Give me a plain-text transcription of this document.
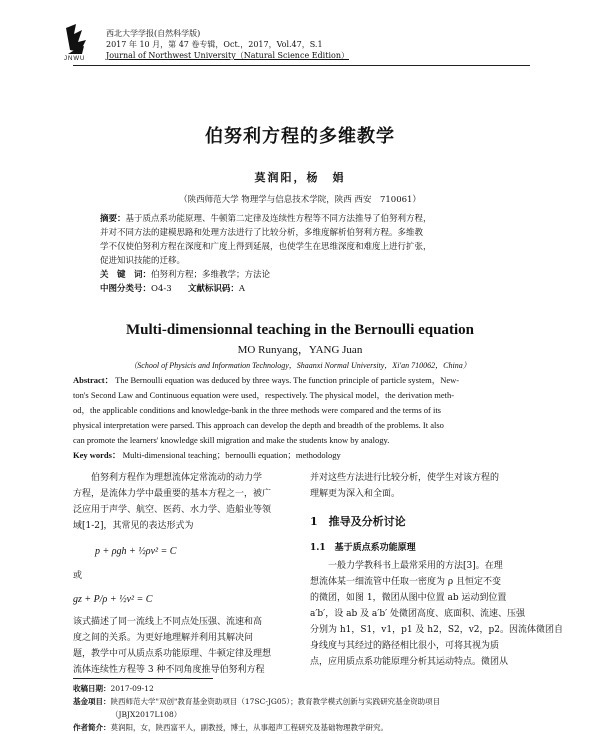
JNWU
西北大学学报(自然科学版)
2017 年 10 月，第 47 卷专辑，Oct.，2017，Vol.47，S.1
Journal of Northwest University（Natural Science Edition）
伯努利方程的多维教学
莫润阳，杨　娟
（陕西师范大学 物理学与信息技术学院，陕西 西安　710061）
摘要：基于质点系功能原理、牛顿第二定律及连续性方程等不同方法推导了伯努利方程，
并对不同方法的建模思路和处理方法进行了比较分析，多维度解析伯努利方程。多维教
学不仅使伯努利方程在深度和广度上得到延展，也使学生在思维深度和难度上进行扩张，
促进知识技能的迁移。
关　键　词：伯努利方程；多维教学；方法论
中图分类号：O4-3 文献标识码：A
Multi-dimensionnal teaching in the Bernoulli equation
MO Runyang，YANG Juan
（School of Physicis and Information Technology，Shaanxi Normal University，Xi'an 710062，China）
Abstract： The Bernoulli equation was deduced by three ways. The function principle of particle system，New-
ton's Second Law and Continuous equation were used，respectively. The physical model，the derivation meth-
od，the applicable conditions and knowledge-bank in the three methods were compared and the terms of its
physical interpretation were parsed. This approach can develop the depth and breadth of the problems. It also
can promote the learners' knowledge skill migration and make the students know by analogy.
Key words： Multi-dimensional teaching；bernoulli equation；methodology
伯努利方程作为理想流体定常流动的动力学
方程，是流体力学中最重要的基本方程之一，被广
泛应用于声学、航空、医药、水力学、造船业等领
域[1-2]，其常见的表达形式为
p + ρgh + ½ρv² = C
或
gz + P/ρ + ½v² = C
该式描述了同一流线上不同点处压强、流速和高
度之间的关系。为更好地理解并利用其解决问
题，教学中可从质点系功能原理、牛顿定律及理想
流体连续性方程等 3 种不同角度推导伯努利方程
并对这些方法进行比较分析，使学生对该方程的
理解更为深入和全面。
1　推导及分析讨论
1.1　基于质点系功能原理
一般力学教科书上最常采用的方法[3]。在理
想流体某一细流管中任取一密度为 ρ 且恒定不变
的微团，如图 1，微团从图中位置 ab 运动到位置
a′b′，设 ab 及 a′b′ 处微团高度、底面积、流速、压强
分别为 h1，S1，v1，p1 及 h2，S2，v2，p2。因流体微团自
身线度与其经过的路径相比很小，可将其视为质
点，应用质点系功能原理分析其运动特点。微团从
收稿日期：2017-09-12
基金项目：陕西师范大学"双创"教育基金资助项目（17SC-JG05）；教育教学模式创新与实践研究基金资助项目
（JBJX2017L108）
作者简介：莫润阳，女，陕西富平人，副教授，博士，从事超声工程研究及基础物理教学研究。
